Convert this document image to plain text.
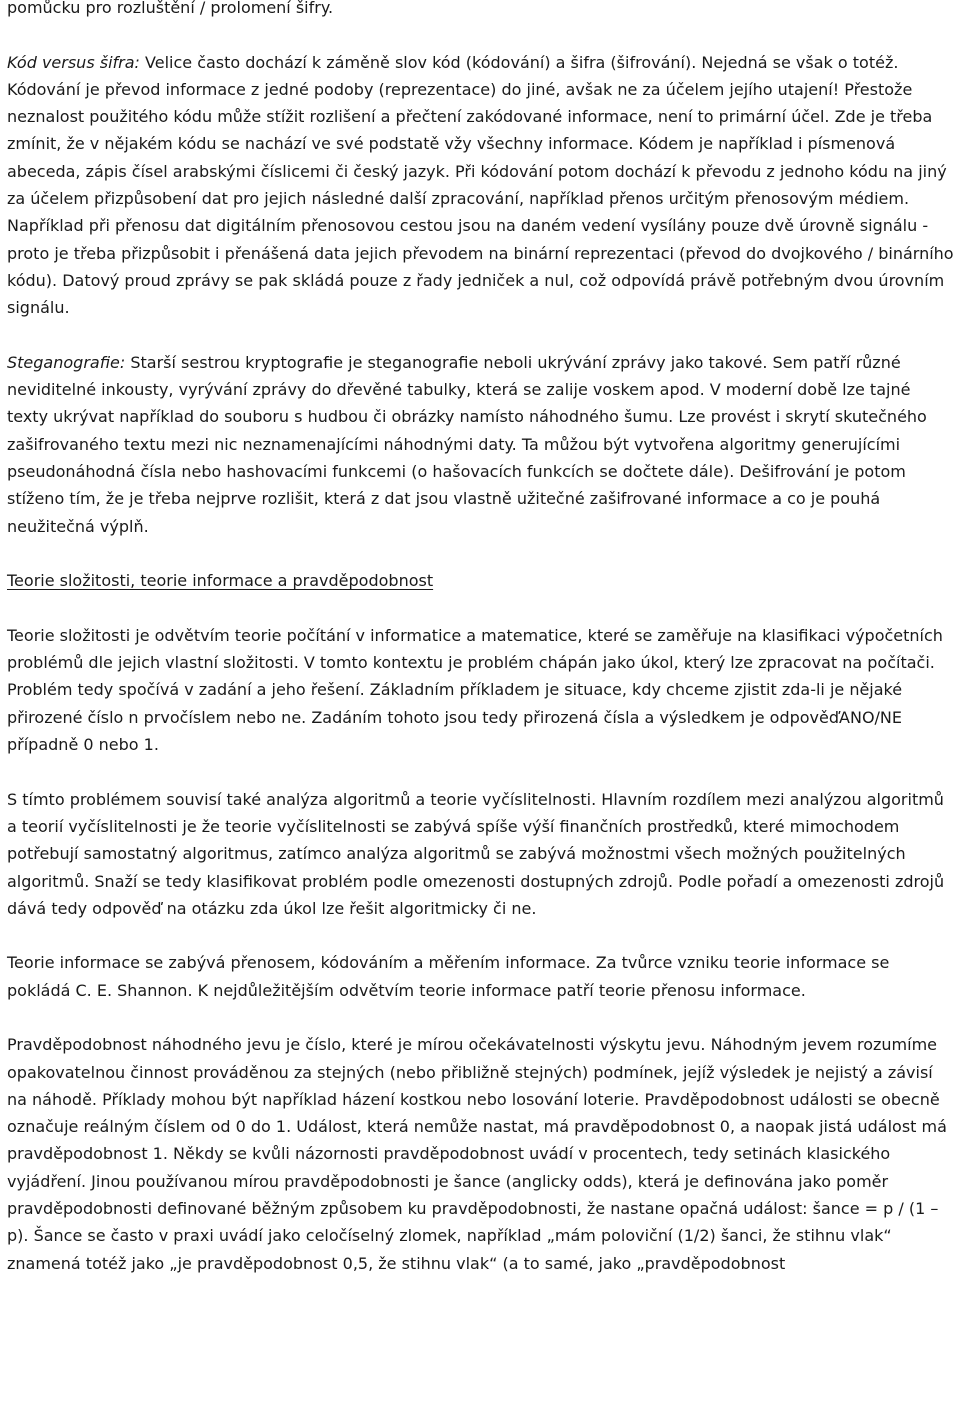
pomůcku pro rozluštění / prolomení šifry.

Kód versus šifra: Velice často dochází k záměně slov kód (kódování) a šifra (šifrování). Nejedná se však o totéž. Kódování je převod informace z jedné podoby (reprezentace) do jiné, avšak ne za účelem jejího utajení! Přestože neznalost použitého kódu může stížit rozlišení a přečtení zakódované informace, není to primární účel. Zde je třeba zmínit, že v nějakém kódu se nachází ve své podstatě vžy všechny informace. Kódem je například i písmenová abeceda, zápis čísel arabskými číslicemi či český jazyk. Při kódování potom dochází k převodu z jednoho kódu na jiný za účelem přizpůsobení dat pro jejich následné další zpracování, například přenos určitým přenosovým médiem. Například při přenosu dat digitálním přenosovou cestou jsou na daném vedení vysílány pouze dvě úrovně signálu - proto je třeba přizpůsobit i přenášená data jejich převodem na binární reprezentaci (převod do dvojkového / binárního kódu). Datový proud zprávy se pak skládá pouze z řady jedniček a nul, což odpovídá právě potřebným dvou úrovním signálu.

Steganografie: Starší sestrou kryptografie je steganografie neboli ukrývání zprávy jako takové. Sem patří různé neviditelné inkousty, vyrývání zprávy do dřevěné tabulky, která se zalije voskem apod. V moderní době lze tajné texty ukrývat například do souboru s hudbou či obrázky namísto náhodného šumu. Lze provést i skrytí skutečného zašifrovaného textu mezi nic neznamenajícími náhodnými daty. Ta můžou být vytvořena algoritmy generujícími pseudonáhodná čísla nebo hashovacími funkcemi (o hašovacích funkcích se dočtete dále). Dešifrování je potom stíženo tím, že je třeba nejprve rozlišit, která z dat jsou vlastně užitečné zašifrované informace a co je pouhá neužitečná výplň.

Teorie složitosti, teorie informace a pravděpodobnost

Teorie složitosti je odvětvím teorie počítání v informatice a matematice, které se zaměřuje na klasifikaci výpočetních problémů dle jejich vlastní složitosti. V tomto kontextu je problém chápán jako úkol, který lze zpracovat na počítači. Problém tedy spočívá v zadání a jeho řešení. Základním příkladem je situace, kdy chceme zjistit zda-li je nějaké přirozené číslo n prvočíslem nebo ne. Zadáním tohoto jsou tedy přirozená čísla a výsledkem je odpověďANO/NE případně 0 nebo 1.

S tímto problémem souvisí také analýza algoritmů a teorie vyčíslitelnosti. Hlavním rozdílem mezi analýzou algoritmů a teorií vyčíslitelnosti je že teorie vyčíslitelnosti se zabývá spíše výší finančních prostředků, které mimochodem potřebují samostatný algoritmus, zatímco analýza algoritmů se zabývá možnostmi všech možných použitelných algoritmů. Snaží se tedy klasifikovat problém podle omezenosti dostupných zdrojů. Podle pořadí a omezenosti zdrojů dává tedy odpověď na otázku zda úkol lze řešit algoritmicky či ne.

Teorie informace se zabývá přenosem, kódováním a měřením informace. Za tvůrce vzniku teorie informace se pokládá C. E. Shannon. K nejdůležitějším odvětvím teorie informace patří teorie přenosu informace.

Pravděpodobnost náhodného jevu je číslo, které je mírou očekávatelnosti výskytu jevu. Náhodným jevem rozumíme opakovatelnou činnost prováděnou za stejných (nebo přibližně stejných) podmínek, jejíž výsledek je nejistý a závisí na náhodě. Příklady mohou být například házení kostkou nebo losování loterie. Pravděpodobnost události se obecně označuje reálným číslem od 0 do 1. Událost, která nemůže nastat, má pravděpodobnost 0, a naopak jistá událost má pravděpodobnost 1. Někdy se kvůli názornosti pravděpodobnost uvádí v procentech, tedy setinách klasického vyjádření. Jinou používanou mírou pravděpodobnosti je šance (anglicky odds), která je definována jako poměr pravděpodobnosti definované běžným způsobem ku pravděpodobnosti, že nastane opačná událost: šance = p / (1 – p). Šance se často v praxi uvádí jako celočíselný zlomek, například „mám poloviční (1/2) šanci, že stihnu vlak“ znamená totéž jako „je pravděpodobnost 0,5, že stihnu vlak“ (a to samé, jako „pravděpodobnost
